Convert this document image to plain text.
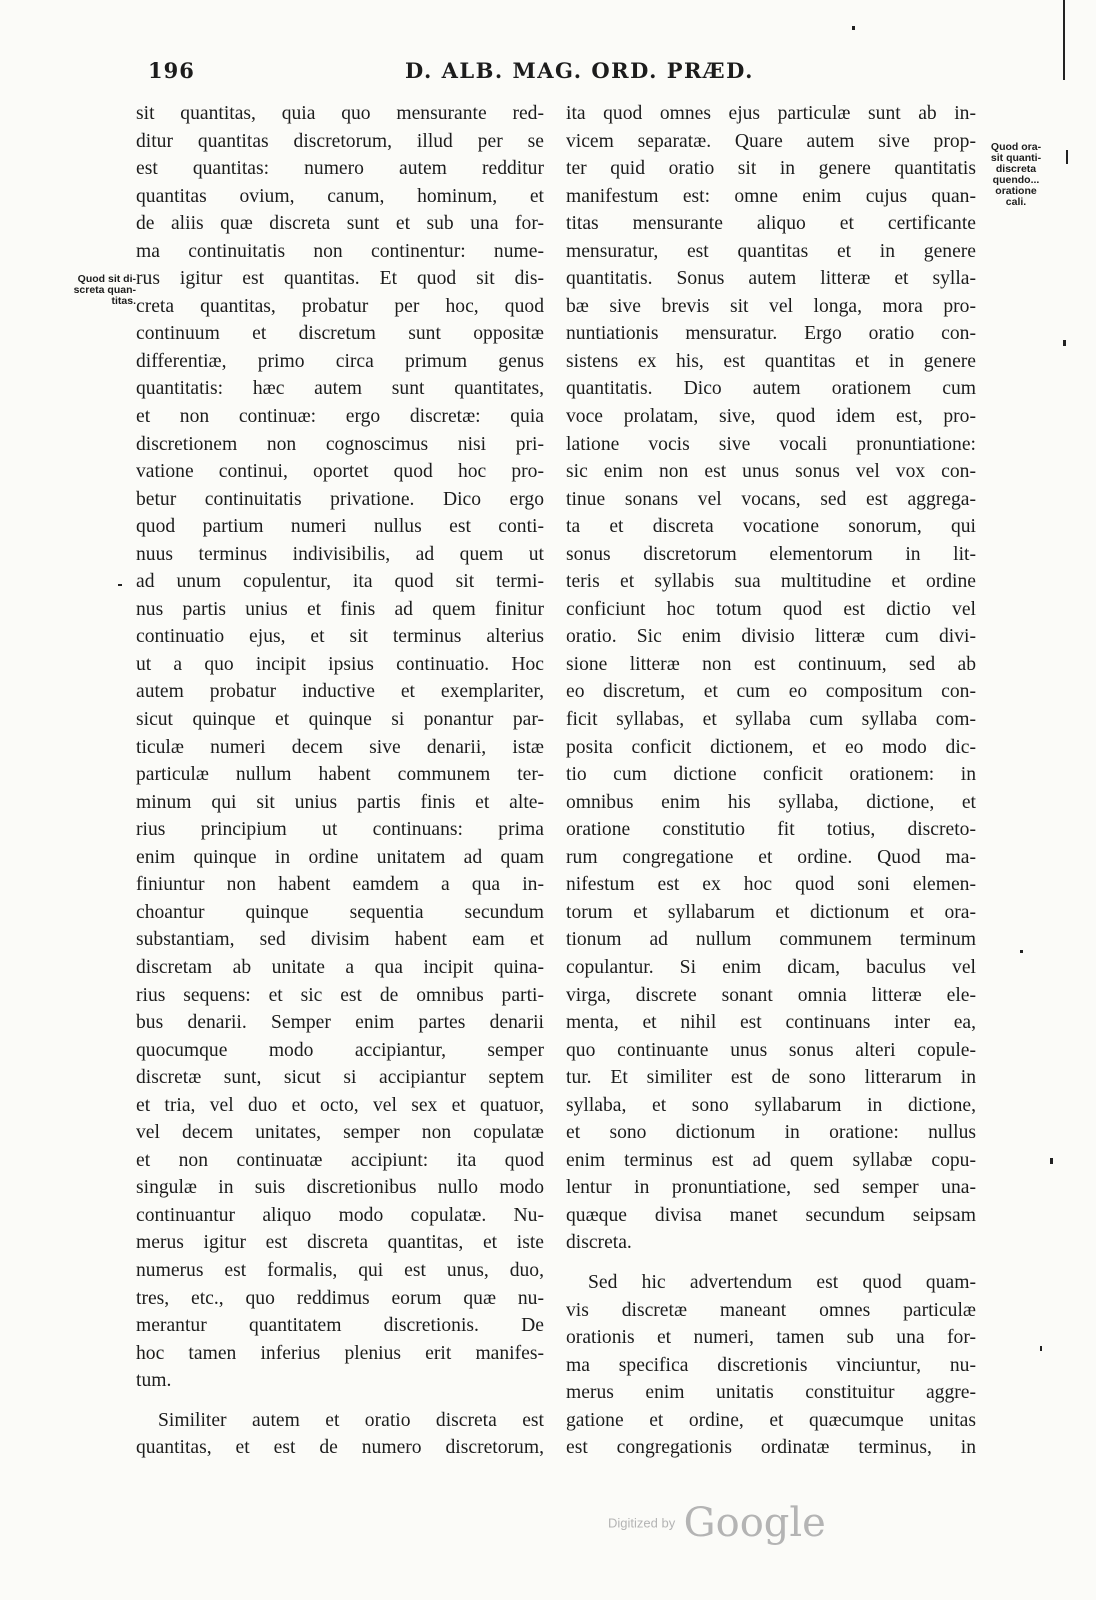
196	D. ALB. MAG. ORD. PRÆD.
Quod sit di-
screta quan-
titas.
Quod ora-
sit quanti-
discreta
quendo...
oratione
cali.
sit quantitas, quia quo mensurante red-
ditur quantitas discretorum, illud per se
est quantitas: numero autem redditur
quantitas ovium, canum, hominum, et
de aliis quæ discreta sunt et sub una for-
ma continuitatis non continentur: nume-
rus igitur est quantitas. Et quod sit dis-
creta quantitas, probatur per hoc, quod
continuum et discretum sunt oppositæ
differentiæ, primo circa primum genus
quantitatis: hæc autem sunt quantitates,
et non continuæ: ergo discretæ: quia
discretionem non cognoscimus nisi pri-
vatione continui, oportet quod hoc pro-
betur continuitatis privatione. Dico ergo
quod partium numeri nullus est conti-
nuus terminus indivisibilis, ad quem ut
ad unum copulentur, ita quod sit termi-
nus partis unius et finis ad quem finitur
continuatio ejus, et sit terminus alterius
ut a quo incipit ipsius continuatio. Hoc
autem probatur inductive et exemplariter,
sicut quinque et quinque si ponantur par-
ticulæ numeri decem sive denarii, istæ
particulæ nullum habent communem ter-
minum qui sit unius partis finis et alte-
rius principium ut continuans: prima
enim quinque in ordine unitatem ad quam
finiuntur non habent eamdem a qua in-
choantur quinque sequentia secundum
substantiam, sed divisim habent eam et
discretam ab unitate a qua incipit quina-
rius sequens: et sic est de omnibus parti-
bus denarii. Semper enim partes denarii
quocumque modo accipiantur, semper
discretæ sunt, sicut si accipiantur septem
et tria, vel duo et octo, vel sex et quatuor,
vel decem unitates, semper non copulatæ
et non continuatæ accipiunt: ita quod
singulæ in suis discretionibus nullo modo
continuantur aliquo modo copulatæ. Nu-
merus igitur est discreta quantitas, et iste
numerus est formalis, qui est unus, duo,
tres, etc., quo reddimus eorum quæ nu-
merantur quantitatem discretionis. De
hoc tamen inferius plenius erit manifes-
tum.
Similiter autem et oratio discreta est
quantitas, et est de numero discretorum,
ita quod omnes ejus particulæ sunt ab in-
vicem separatæ. Quare autem sive prop-
ter quid oratio sit in genere quantitatis
manifestum est: omne enim cujus quan-
titas mensurante aliquo et certificante
mensuratur, est quantitas et in genere
quantitatis. Sonus autem litteræ et sylla-
bæ sive brevis sit vel longa, mora pro-
nuntiationis mensuratur. Ergo oratio con-
sistens ex his, est quantitas et in genere
quantitatis. Dico autem orationem cum
voce prolatam, sive, quod idem est, pro-
latione vocis sive vocali pronuntiatione:
sic enim non est unus sonus vel vox con-
tinue sonans vel vocans, sed est aggrega-
ta et discreta vocatione sonorum, qui
sonus discretorum elementorum in lit-
teris et syllabis sua multitudine et ordine
conficiunt hoc totum quod est dictio vel
oratio. Sic enim divisio litteræ cum divi-
sione litteræ non est continuum, sed ab
eo discretum, et cum eo compositum con-
ficit syllabas, et syllaba cum syllaba com-
posita conficit dictionem, et eo modo dic-
tio cum dictione conficit orationem: in
omnibus enim his syllaba, dictione, et
oratione constitutio fit totius, discreto-
rum congregatione et ordine. Quod ma-
nifestum est ex hoc quod soni elemen-
torum et syllabarum et dictionum et ora-
tionum ad nullum communem terminum
copulantur. Si enim dicam, baculus vel
virga, discrete sonant omnia litteræ ele-
menta, et nihil est continuans inter ea,
quo continuante unus sonus alteri copule-
tur. Et similiter est de sono litterarum in
syllaba, et sono syllabarum in dictione,
et sono dictionum in oratione: nullus
enim terminus est ad quem syllabæ copu-
lentur in pronuntiatione, sed semper una-
quæque divisa manet secundum seipsam
discreta.
Sed hic advertendum est quod quam-
vis discretæ maneant omnes particulæ
orationis et numeri, tamen sub una for-
ma specifica discretionis vinciuntur, nu-
merus enim unitatis constituitur aggre-
gatione et ordine, et quæcumque unitas
est congregationis ordinatæ terminus, in
Digitized by Google
